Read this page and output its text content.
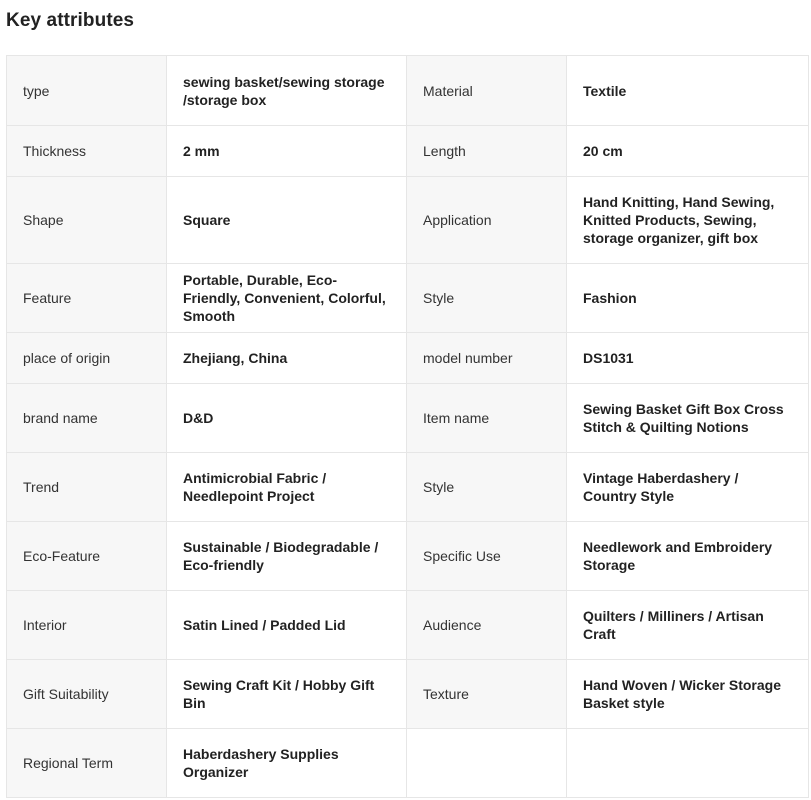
Key attributes
type	sewing basket/sewing storage /storage box	Material	Textile
Thickness	2 mm	Length	20 cm
Shape	Square	Application	Hand Knitting, Hand Sewing, Knitted Products, Sewing, storage organizer, gift box
Feature	Portable, Durable, Eco-Friendly, Convenient, Colorful, Smooth	Style	Fashion
place of origin	Zhejiang, China	model number	DS1031
brand name	D&D	Item name	Sewing Basket Gift Box Cross Stitch & Quilting Notions
Trend	Antimicrobial Fabric / Needlepoint Project	Style	Vintage Haberdashery / Country Style
Eco-Feature	Sustainable / Biodegradable / Eco-friendly	Specific Use	Needlework and Embroidery Storage
Interior	Satin Lined / Padded Lid	Audience	Quilters / Milliners / Artisan Craft
Gift Suitability	Sewing Craft Kit / Hobby Gift Bin	Texture	Hand Woven / Wicker Storage Basket style
Regional Term	Haberdashery Supplies Organizer		
